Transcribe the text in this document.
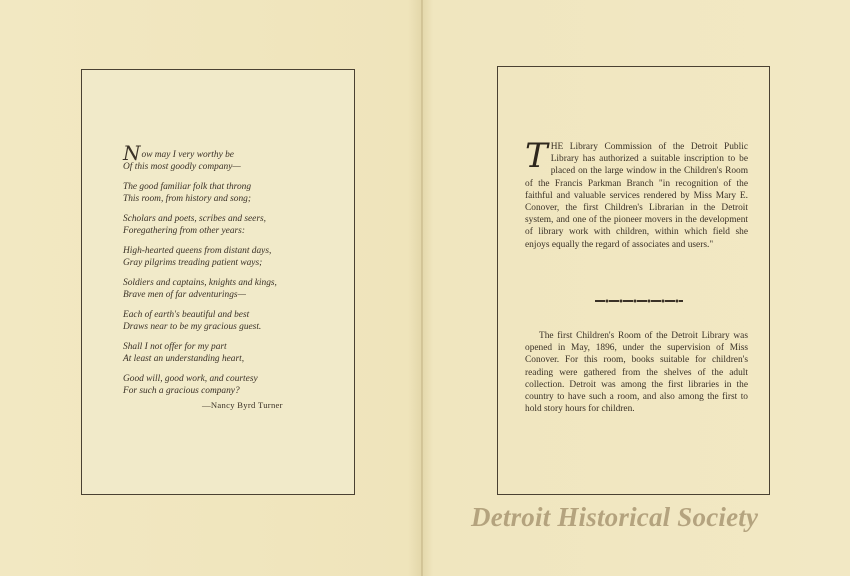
Now may I very worthy be
Of this most goodly company—
The good familiar folk that throng
This room, from history and song;
Scholars and poets, scribes and seers,
Foregathering from other years:
High-hearted queens from distant days,
Gray pilgrims treading patient ways;
Soldiers and captains, knights and kings,
Brave men of far adventurings—
Each of earth's beautiful and best
Draws near to be my gracious guest.
Shall I not offer for my part
At least an understanding heart,
Good will, good work, and courtesy
For such a gracious company?
—Nancy Byrd Turner
THE Library Commission of the Detroit Public Library has authorized a suitable inscription to be placed on the large window in the Children's Room of the Francis Parkman Branch "in recognition of the faithful and valuable services rendered by Miss Mary E. Conover, the first Children's Librarian in the Detroit system, and one of the pioneer movers in the development of library work with children, within which field she enjoys equally the regard of associates and users."
The first Children's Room of the Detroit Library was opened in May, 1896, under the supervision of Miss Conover. For this room, books suitable for children's reading were gathered from the shelves of the adult collection. Detroit was among the first libraries in the country to have such a room, and also among the first to hold story hours for children.
Detroit Historical Society
